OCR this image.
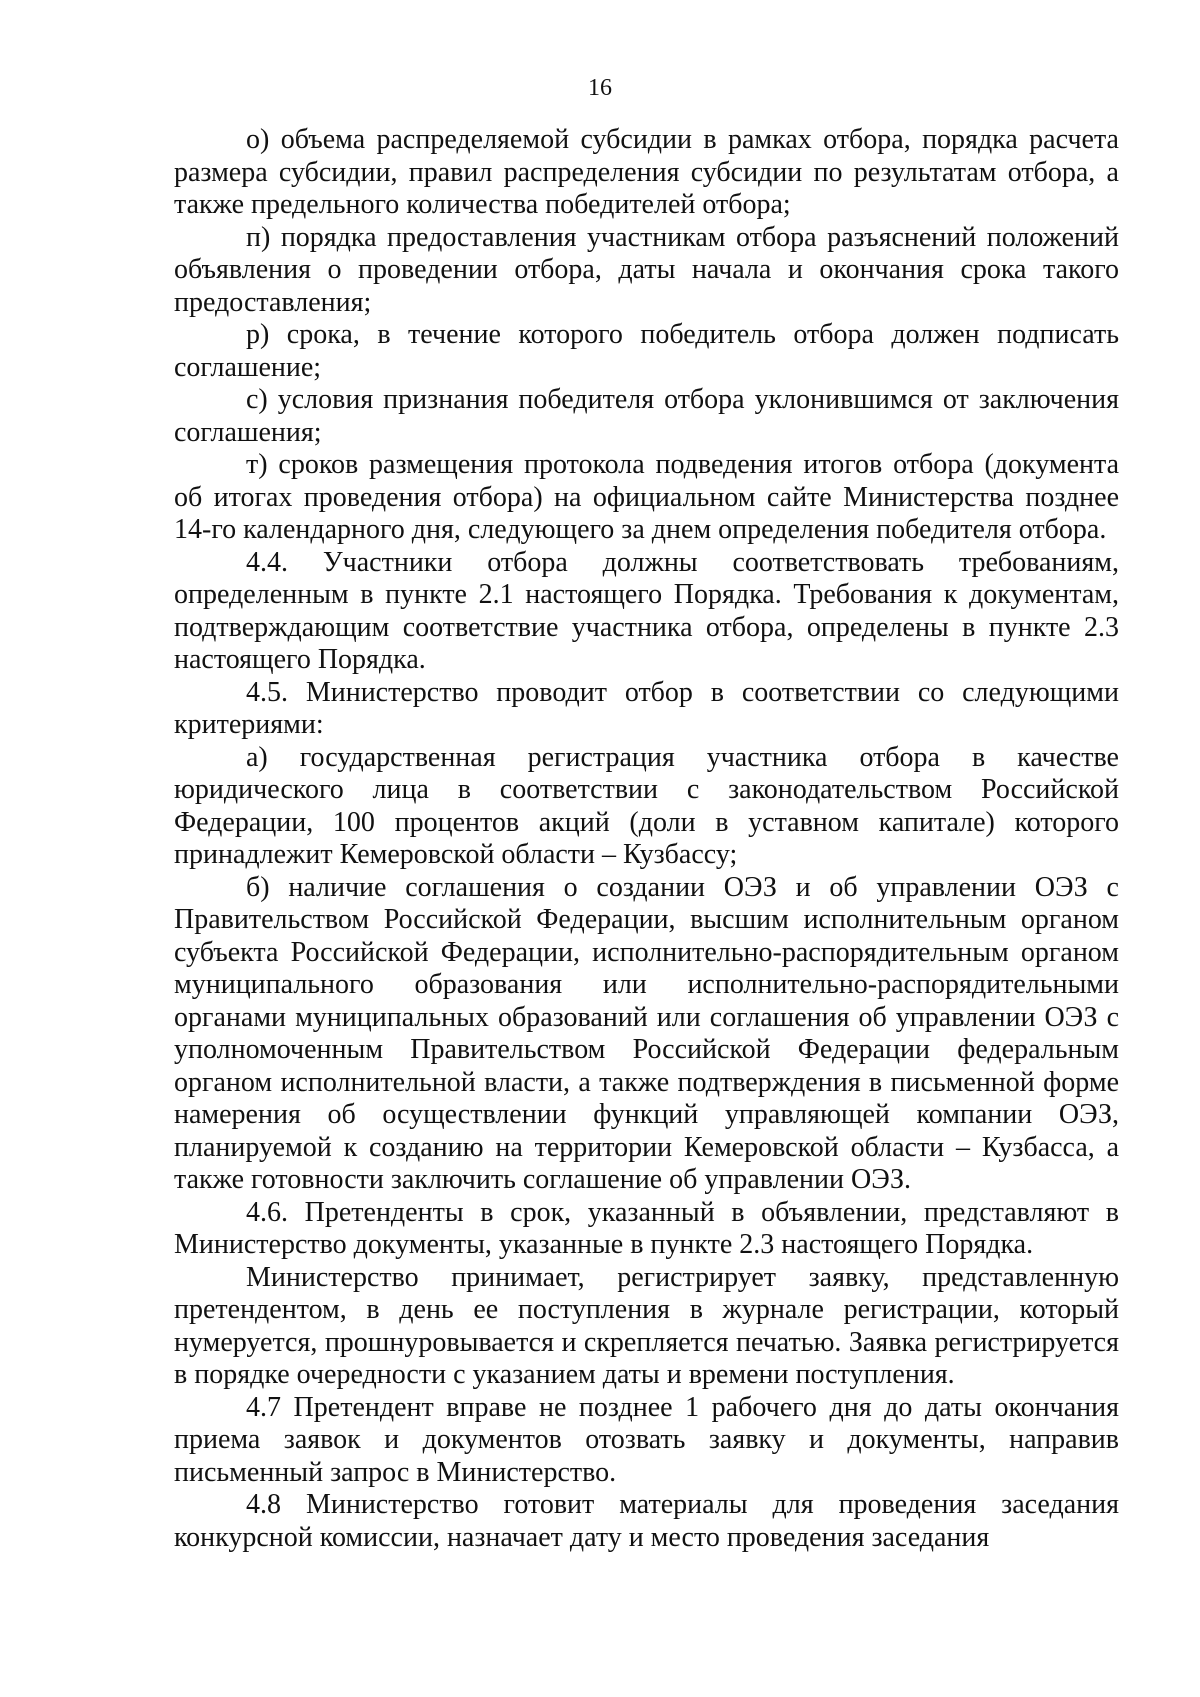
16

о) объема распределяемой субсидии в рамках отбора, порядка расчета размера субсидии, правил распределения субсидии по результатам отбора, а также предельного количества победителей отбора;

п) порядка предоставления участникам отбора разъяснений положений объявления о проведении отбора, даты начала и окончания срока такого предоставления;

р) срока, в течение которого победитель отбора должен подписать соглашение;

с) условия признания победителя отбора уклонившимся от заключения соглашения;

т) сроков размещения протокола подведения итогов отбора (документа об итогах проведения отбора) на официальном сайте Министерства позднее 14-го календарного дня, следующего за днем определения победителя отбора.

4.4. Участники отбора должны соответствовать требованиям, определенным в пункте 2.1 настоящего Порядка. Требования к документам, подтверждающим соответствие участника отбора, определены в пункте 2.3 настоящего Порядка.

4.5. Министерство проводит отбор в соответствии со следующими критериями:

а) государственная регистрация участника отбора в качестве юридического лица в соответствии с законодательством Российской Федерации, 100 процентов акций (доли в уставном капитале) которого принадлежит Кемеровской области – Кузбассу;

б) наличие соглашения о создании ОЭЗ и об управлении ОЭЗ с Правительством Российской Федерации, высшим исполнительным органом субъекта Российской Федерации, исполнительно-распорядительным органом муниципального образования или исполнительно-распорядительными органами муниципальных образований или соглашения об управлении ОЭЗ с уполномоченным Правительством Российской Федерации федеральным органом исполнительной власти, а также подтверждения в письменной форме намерения об осуществлении функций управляющей компании ОЭЗ, планируемой к созданию на территории Кемеровской области – Кузбасса, а также готовности заключить соглашение об управлении ОЭЗ.

4.6. Претенденты в срок, указанный в объявлении, представляют в Министерство документы, указанные в пункте 2.3 настоящего Порядка.

Министерство принимает, регистрирует заявку, представленную претендентом, в день ее поступления в журнале регистрации, который нумеруется, прошнуровывается и скрепляется печатью. Заявка регистрируется в порядке очередности с указанием даты и времени поступления.

4.7 Претендент вправе не позднее 1 рабочего дня до даты окончания приема заявок и документов отозвать заявку и документы, направив письменный запрос в Министерство.

4.8 Министерство готовит материалы для проведения заседания конкурсной комиссии, назначает дату и место проведения заседания
